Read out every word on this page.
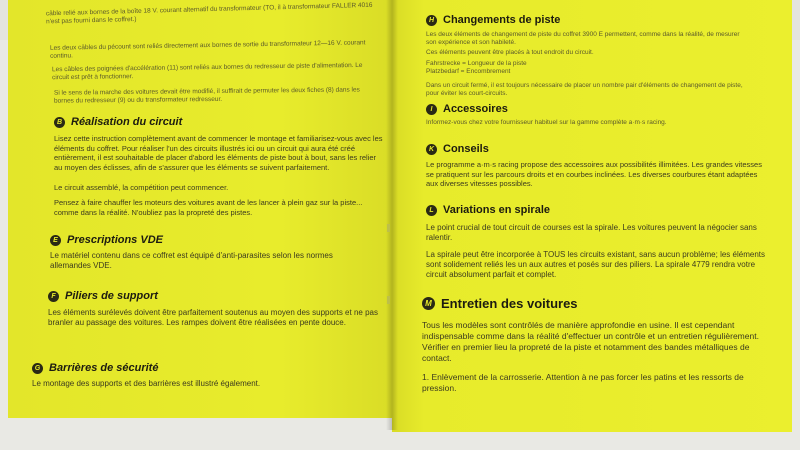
câble relié aux bornes de la boîte 18 V. courant alternatif du transformateur (TO, il à transformateur FALLER 4016 n'est pas fourni dans le coffret.)
Les deux câbles du pécount sont reliés directement aux bornes de sortie du transformateur 12—16 V. courant continu.
Les câbles des poignées d'accélération (11) sont reliés aux bornes du redresseur de piste d'alimentation. Le circuit est prêt à fonctionner.
Si le sens de la marche des voitures devait être modifié, il suffirait de permuter les deux fiches (8) dans les bornes du redresseur (9) ou du transformateur redresseur.
B Réalisation du circuit
Lisez cette instruction complètement avant de commencer le montage et familiarisez-vous avec les éléments du coffret. Pour réaliser l'un des circuits illustrés ici ou un circuit qui aura été créé entièrement, il est souhaitable de placer d'abord les éléments de piste bout à bout, sans les relier au moyen des éclisses, afin de s'assurer que les éléments se suivent parfaitement.
Le circuit assemblé, la compétition peut commencer.
Pensez à faire chauffer les moteurs des voitures avant de les lancer à plein gaz sur la piste... comme dans la réalité. N'oubliez pas la propreté des pistes.
E Prescriptions VDE
Le matériel contenu dans ce coffret est équipé d'anti-parasites selon les normes allemandes VDE.
F Piliers de support
Les éléments surélevés doivent être parfaitement soutenus au moyen des supports et ne pas branler au passage des voitures. Les rampes doivent être réalisées en pente douce.
G Barrières de sécurité
Le montage des supports et des barrières est illustré également.
H Changements de piste
Les deux éléments de changement de piste du coffret 3900 E permettent, comme dans la réalité, de mesurer son expérience et son habileté.
Ces éléments peuvent être placés à tout endroit du circuit.
Fahrstrecke = Longueur de la piste
Platzbedarf = Encombrement
Dans un circuit fermé, il est toujours nécessaire de placer un nombre pair d'éléments de changement de piste, pour éviter les court-circuits.
I Accessoires
Informez-vous chez votre fournisseur habituel sur la gamme complète a·m·s racing.
K Conseils
Le programme a·m·s racing propose des accessoires aux possibilités illimitées. Les grandes vitesses se pratiquent sur les parcours droits et en courbes inclinées. Les diverses courbures étant adaptées aux diverses vitesses possibles.
L Variations en spirale
Le point crucial de tout circuit de courses est la spirale. Les voitures peuvent la négocier sans ralentir.
La spirale peut être incorporée à TOUS les circuits existant, sans aucun problème; les éléments sont solidement reliés les un aux autres et posés sur des piliers. La spirale 4779 rendra votre circuit absolument parfait et complet.
M Entretien des voitures
Tous les modèles sont contrôlés de manière approfondie en usine. Il est cependant indispensable comme dans la réalité d'effectuer un contrôle et un entretien régulièrement. Vérifier en premier lieu la propreté de la piste et notamment des bandes métalliques de contact.
1. Enlèvement de la carrosserie. Attention à ne pas forcer les patins et les ressorts de pression.
